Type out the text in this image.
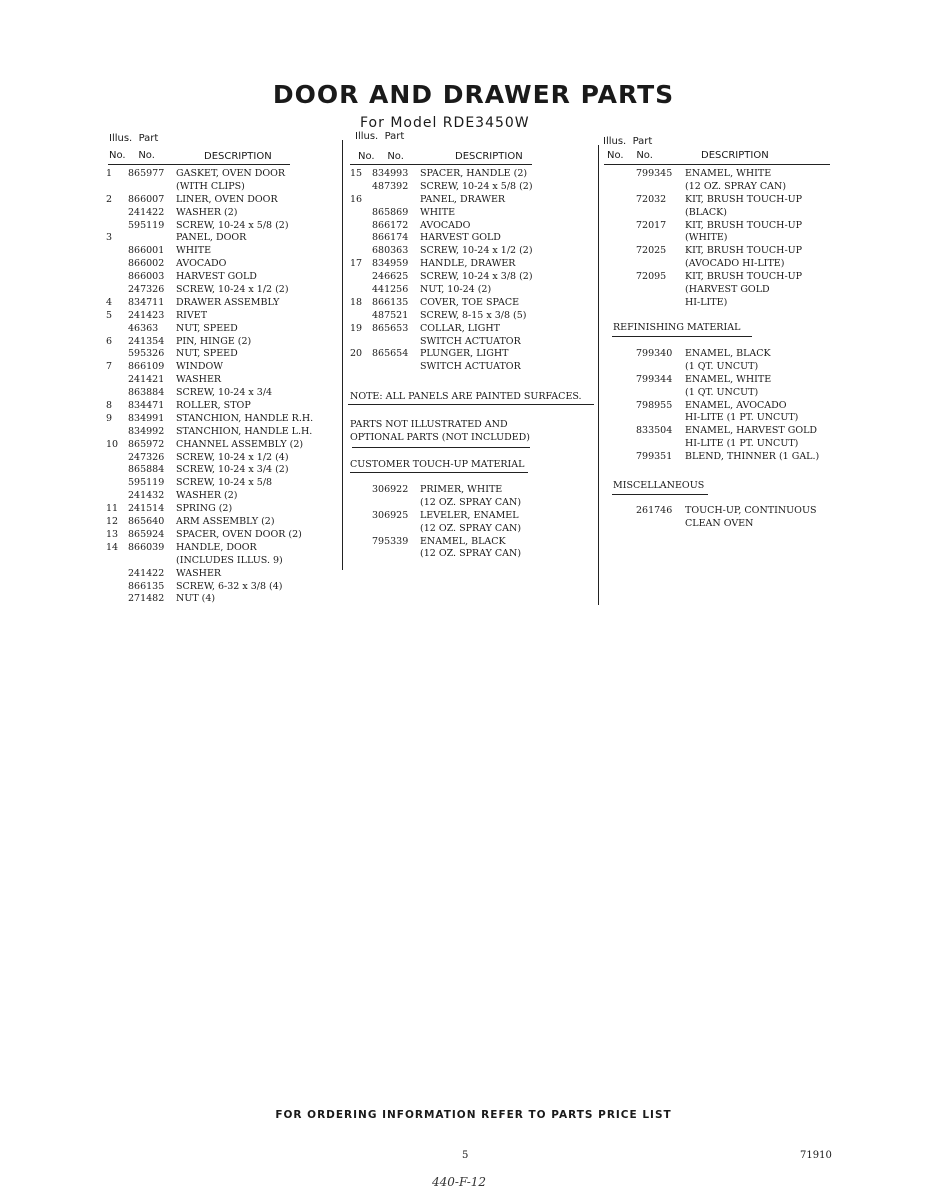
DOOR AND DRAWER PARTS
For Model RDE3450W
Illus. Part
No. No.	DESCRIPTION
1 865977 GASKET, OVEN DOOR
(WITH CLIPS)
2 866007 LINER, OVEN DOOR
241422 WASHER (2)
595119 SCREW, 10-24 x 5/8 (2)
3	PANEL, DOOR
866001 WHITE
866002 AVOCADO
866003 HARVEST GOLD
247326 SCREW, 10-24 x 1/2 (2)
4 834711 DRAWER ASSEMBLY
5 241423 RIVET
46363 NUT, SPEED
6 241354 PIN, HINGE (2)
595326 NUT, SPEED
7 866109 WINDOW
241421 WASHER
863884 SCREW, 10-24 x 3/4
8 834471 ROLLER, STOP
9 834991 STANCHION, HANDLE R.H.
834992 STANCHION, HANDLE L.H.
10 865972 CHANNEL ASSEMBLY (2)
247326 SCREW, 10-24 x 1/2 (4)
865884 SCREW, 10-24 x 3/4 (2)
595119 SCREW, 10-24 x 5/8
241432 WASHER (2)
11 241514 SPRING (2)
12 865640 ARM ASSEMBLY (2)
13 865924 SPACER, OVEN DOOR (2)
14 866039 HANDLE, DOOR
(INCLUDES ILLUS. 9)
241422 WASHER
866135 SCREW, 6-32 x 3/8 (4)
271482 NUT (4)
Illus. Part
No. No.	DESCRIPTION
15 834993 SPACER, HANDLE (2)
487392 SCREW, 10-24 x 5/8 (2)
16	PANEL, DRAWER
865869 WHITE
866172 AVOCADO
866174 HARVEST GOLD
680363 SCREW, 10-24 x 1/2 (2)
17 834959 HANDLE, DRAWER
246625 SCREW, 10-24 x 3/8 (2)
441256 NUT, 10-24 (2)
18 866135 COVER, TOE SPACE
487521 SCREW, 8-15 x 3/8 (5)
19 865653 COLLAR, LIGHT
SWITCH ACTUATOR
20 865654 PLUNGER, LIGHT
SWITCH ACTUATOR
NOTE: ALL PANELS ARE PAINTED SURFACES.
PARTS NOT ILLUSTRATED AND
OPTIONAL PARTS (NOT INCLUDED)
CUSTOMER TOUCH-UP MATERIAL
306922 PRIMER, WHITE
(12 OZ. SPRAY CAN)
306925 LEVELER, ENAMEL
(12 OZ. SPRAY CAN)
795339 ENAMEL, BLACK
(12 OZ. SPRAY CAN)
Illus. Part
No. No.	DESCRIPTION
799345 ENAMEL, WHITE
(12 OZ. SPRAY CAN)
72032 KIT, BRUSH TOUCH-UP
(BLACK)
72017 KIT, BRUSH TOUCH-UP
(WHITE)
72025 KIT, BRUSH TOUCH-UP
(AVOCADO HI-LITE)
72095 KIT, BRUSH TOUCH-UP
(HARVEST GOLD
HI-LITE)
REFINISHING MATERIAL
799340 ENAMEL, BLACK
(1 QT. UNCUT)
799344 ENAMEL, WHITE
(1 QT. UNCUT)
798955 ENAMEL, AVOCADO
HI-LITE (1 PT. UNCUT)
833504 ENAMEL, HARVEST GOLD
HI-LITE (1 PT. UNCUT)
799351 BLEND, THINNER (1 GAL.)
MISCELLANEOUS
261746 TOUCH-UP, CONTINUOUS
CLEAN OVEN
FOR ORDERING INFORMATION REFER TO PARTS PRICE LIST
5	71910
440-F-12
